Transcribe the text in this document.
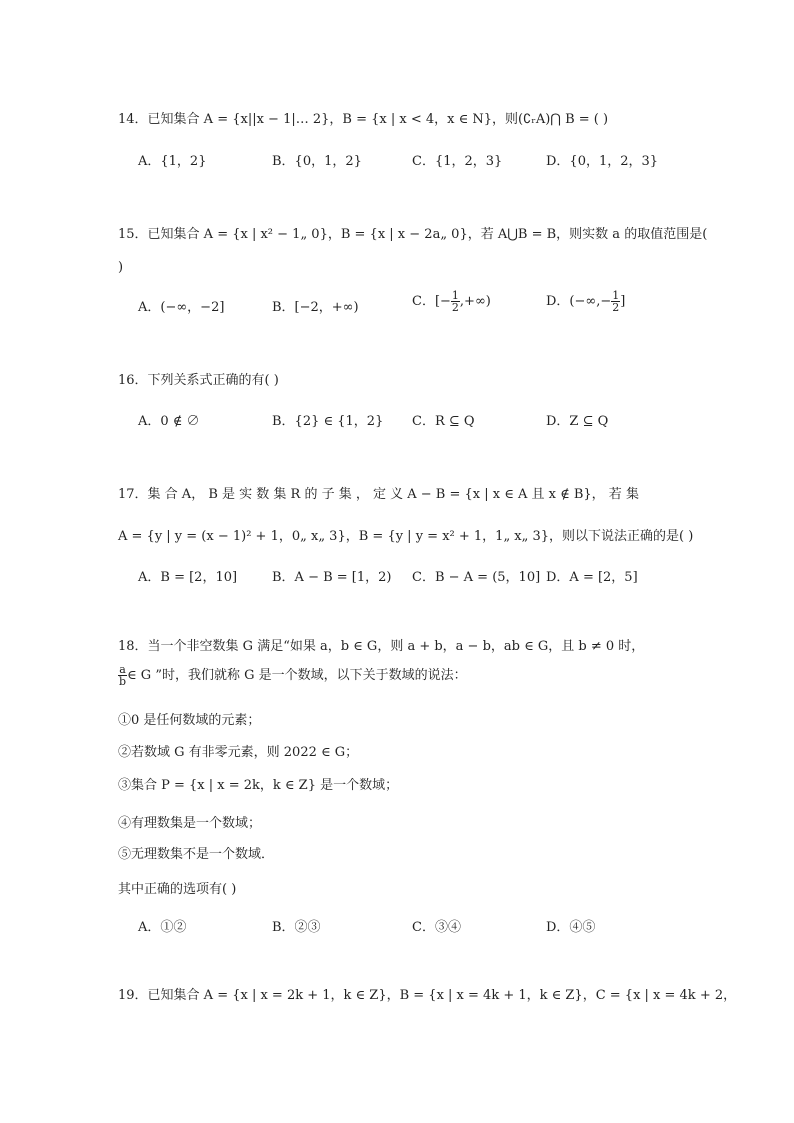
14．已知集合 A = {x||x − 1|… 2}，B = {x | x < 4，x ∈ N}，则(∁ᵣA)⋂ B = ( )
A．{1，2}	B．{0，1，2}	C．{1，2，3}	D．{0，1，2，3}
15．已知集合 A = {x | x² − 1„ 0}，B = {x | x − 2a„ 0}，若 A⋃B = B，则实数 a 的取值范围是(
)
A．(−∞，−2]	B．[−2，+∞)	C．[− $\frac{1}{2}$ ,+∞)	D．(−∞,− $\frac{1}{2}$ ]
16．下列关系式正确的有( )
A．0 ∉ ∅	B．{2} ∈ {1，2} C．R ⊆ Q	D．Z ⊆ Q
17．集 合 A， B 是 实 数 集 R 的 子 集 ， 定 义 A − B = {x | x ∈ A 且 x ∉ B}， 若 集
A = {y | y = (x − 1)² + 1，0„ x„ 3}，B = {y | y = x² + 1，1„ x„ 3}，则以下说法正确的是( )
A．B = [2，10]	B．A − B = [1，2) C．B − A = (5，10] D．A = [2，5]
18．当一个非空数集 G 满足“如果 a，b ∈ G，则 a + b，a − b，ab ∈ G，且 b ≠ 0 时，
$\frac{a}{b}$ ∈ G ”时，我们就称 G 是一个数域，以下关于数域的说法：
①0 是任何数域的元素；
②若数域 G 有非零元素，则 2022 ∈ G；
③集合 P = {x | x = 2k，k ∈ Z} 是一个数域；
④有理数集是一个数域；
⑤无理数集不是一个数域．
其中正确的选项有( )
A．①②	B．②③	C．③④	D．④⑤
19．已知集合 A = {x | x = 2k + 1，k ∈ Z}，B = {x | x = 4k + 1，k ∈ Z}，C = {x | x = 4k + 2，
